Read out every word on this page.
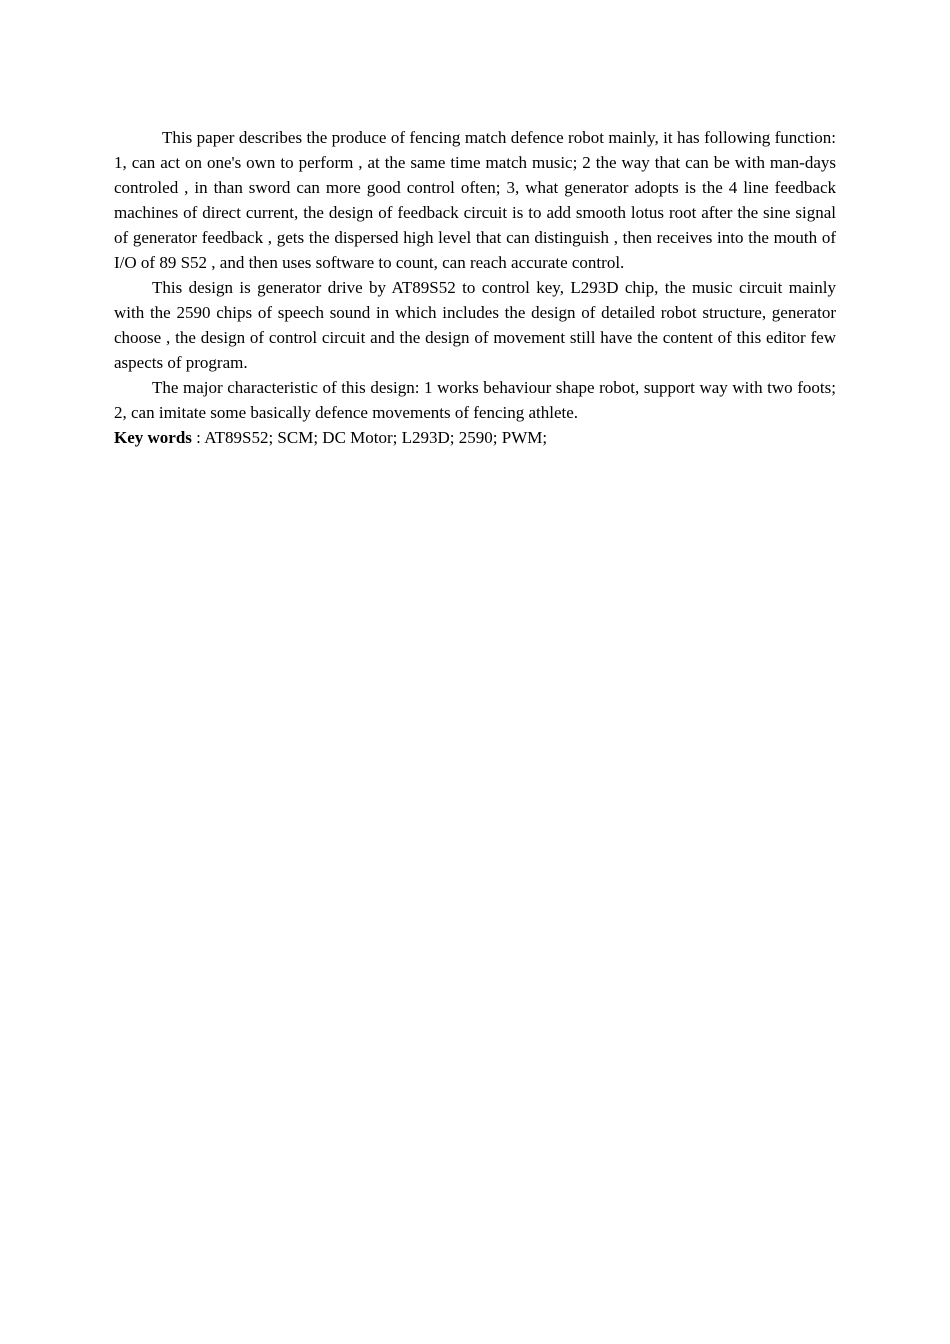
This paper describes the produce of fencing match defence robot mainly, it has following function: 1, can act on one's own to perform , at the same time match music; 2 the way that can be with man-days controled , in than sword can more good control often; 3, what generator adopts is the 4 line feedback machines of direct current, the design of feedback circuit is to add smooth lotus root after the sine signal of generator feedback , gets the dispersed high level that can distinguish , then receives into the mouth of I/O of 89 S52 , and then uses software to count, can reach accurate control.

This design is generator drive by AT89S52 to control key, L293D chip, the music circuit mainly with the 2590 chips of speech sound in which includes the design of detailed robot structure, generator choose , the design of control circuit and the design of movement still have the content of this editor few aspects of program.

The major characteristic of this design: 1 works behaviour shape robot, support way with two foots; 2, can imitate some basically defence movements of fencing athlete.

Key words : AT89S52; SCM; DC Motor; L293D; 2590; PWM;
